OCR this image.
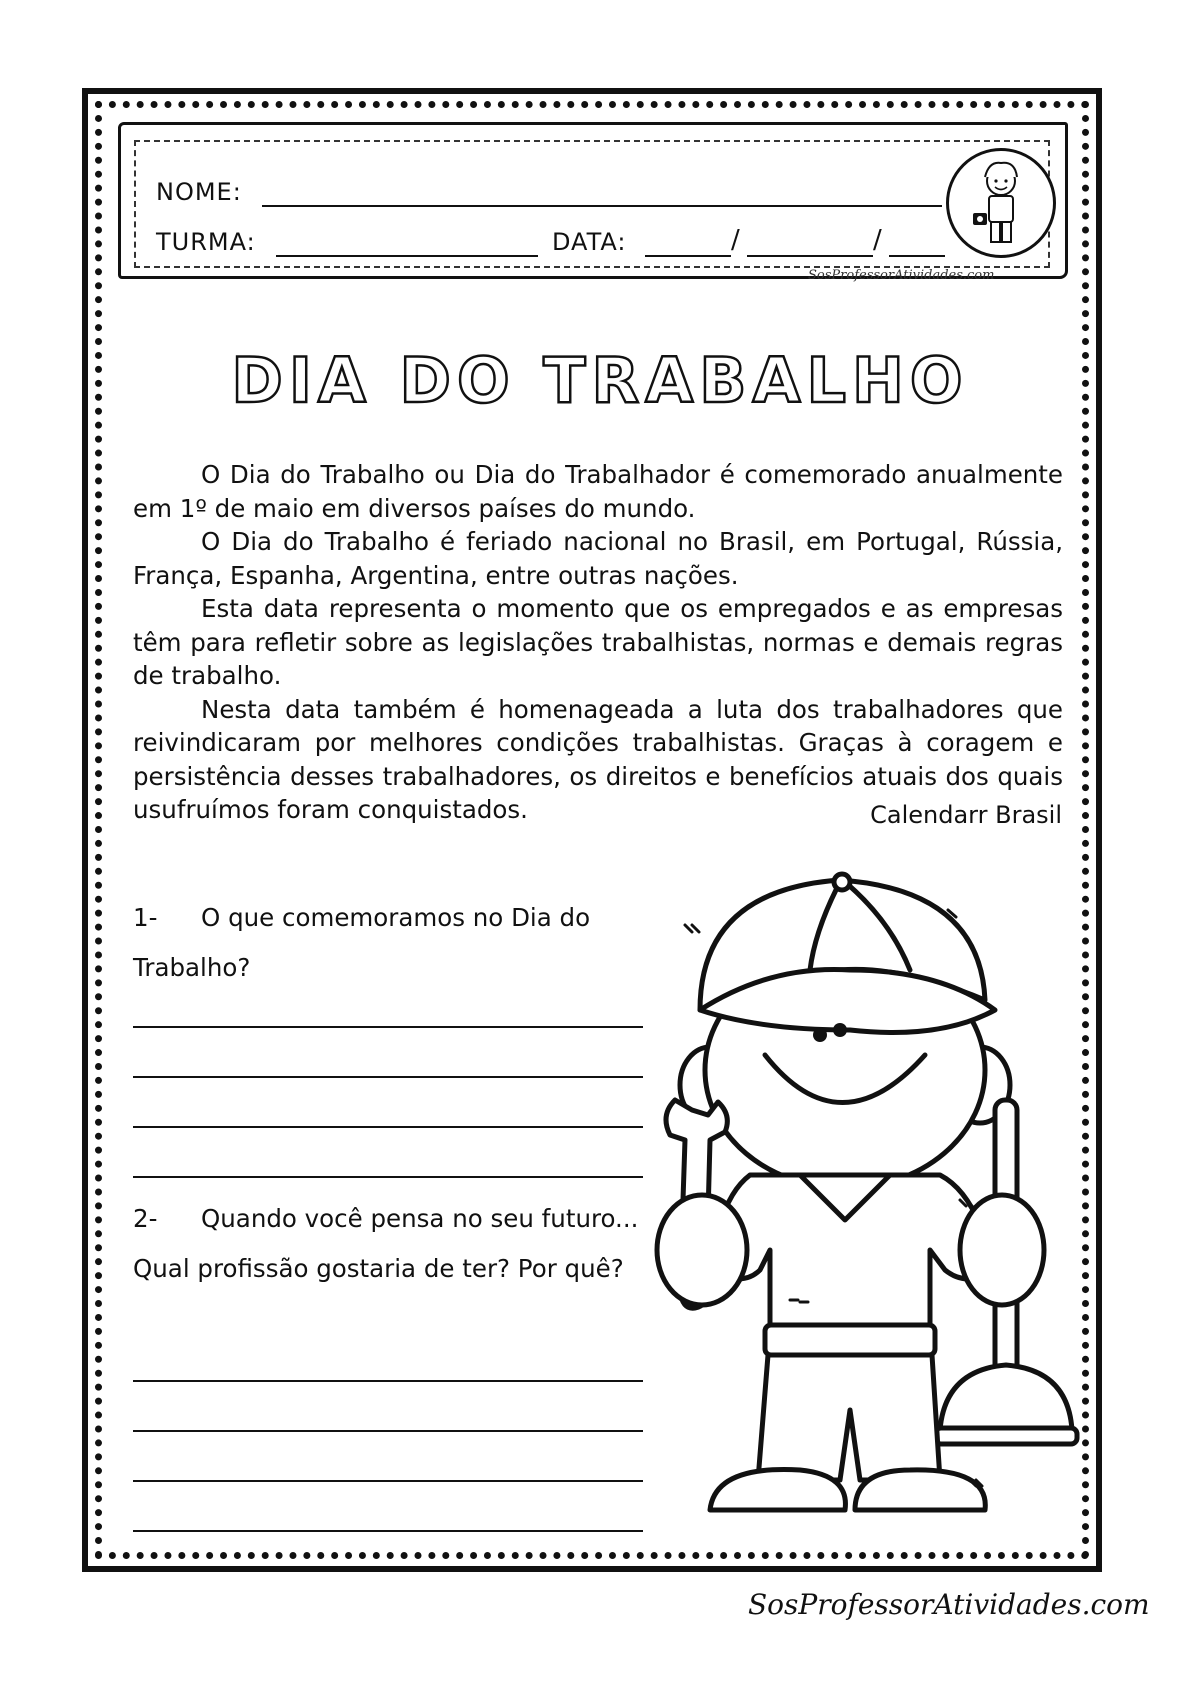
NOME:
TURMA:	DATA:	/	/
SosProfessorAtividades.com
DIA DO TRABALHO

O Dia do Trabalho ou Dia do Trabalhador é comemorado anualmente em 1º de maio em diversos países do mundo.

O Dia do Trabalho é feriado nacional no Brasil, em Portugal, Rússia, França, Espanha, Argentina, entre outras nações.

Esta data representa o momento que os empregados e as empresas têm para refletir sobre as legislações trabalhistas, normas e demais regras de trabalho.

Nesta data também é homenageada a luta dos trabalhadores que reivindicaram por melhores condições trabalhistas. Graças à coragem e persistência desses trabalhadores, os direitos e benefícios atuais dos quais usufruímos foram conquistados.	Calendarr Brasil
1- O que comemoramos no Dia do Trabalho?
2- Quando você pensa no seu futuro... Qual profissão gostaria de ter? Por quê?
SosProfessorAtividades.com
